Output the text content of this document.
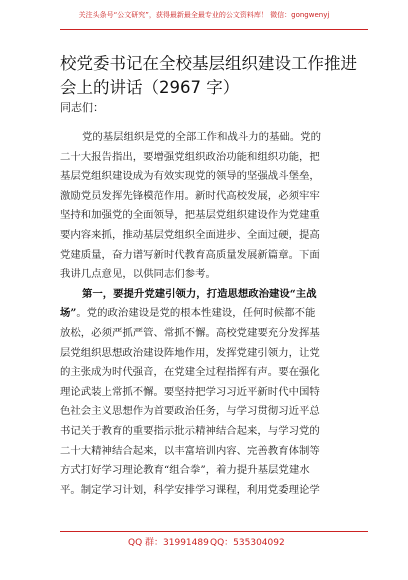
关注头条号“公文研究”，获得最新最全最专业的公文资料库！ 微信：gongwenyj
校党委书记在全校基层组织建设工作推进
会上的讲话（2967 字）
同志们：
党的基层组织是党的全部工作和战斗力的基础。党的
二十大报告指出，要增强党组织政治功能和组织功能，把
基层党组织建设成为有效实现党的领导的坚强战斗堡垒，
激励党员发挥先锋模范作用。新时代高校发展，必须牢牢
坚持和加强党的全面领导，把基层党组织建设作为党建重
要内容来抓，推动基层党组织全面进步、全面过硬，提高
党建质量，奋力谱写新时代教育高质量发展新篇章。下面
我讲几点意见，以供同志们参考。
第一，要提升党建引领力，打造思想政治建设“主战
场”。党的政治建设是党的根本性建设，任何时候都不能
放松，必须严抓严管、常抓不懈。高校党建要充分发挥基
层党组织思想政治建设阵地作用，发挥党建引领力，让党
的主张成为时代强音，在党建全过程指挥有声。要在强化
理论武装上常抓不懈。要坚持把学习习近平新时代中国特
色社会主义思想作为首要政治任务，与学习贯彻习近平总
书记关于教育的重要指示批示精神结合起来，与学习党的
二十大精神结合起来，以丰富培训内容、完善教育体制等
方式打好学习理论教育“组合拳”，着力提升基层党建水
平。制定学习计划，科学安排学习课程，利用党委理论学
QQ 群：31991489 QQ：535304092
